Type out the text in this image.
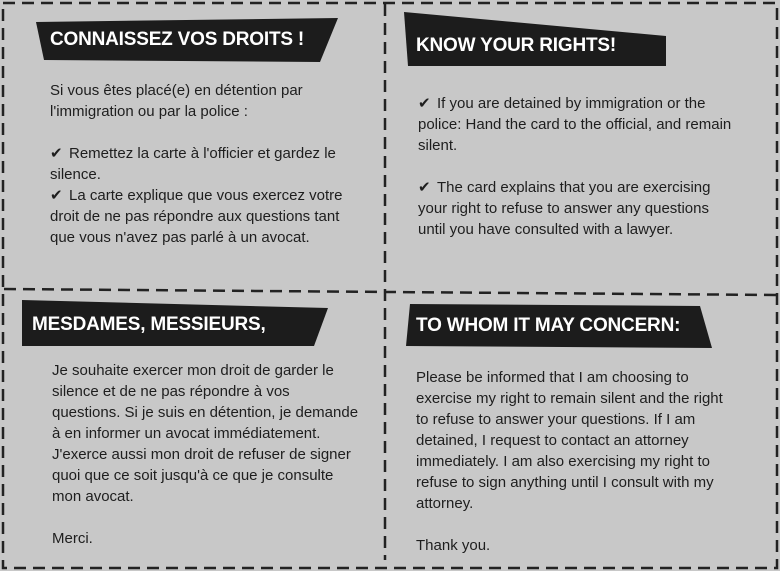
CONNAISSEZ VOS DROITS !

Si vous êtes placé(e) en détention par l'immigration ou par la police :

✔ Remettez la carte à l'officier et gardez le silence.

✔ La carte explique que vous exercez votre droit de ne pas répondre aux questions tant que vous n'avez pas parlé à un avocat.

KNOW YOUR RIGHTS!

✔ If you are detained by immigration or the police: Hand the card to the official, and remain silent.

✔ The card explains that you are exercising your right to refuse to answer any questions until you have consulted with a lawyer.

MESDAMES, MESSIEURS,

Je souhaite exercer mon droit de garder le silence et de ne pas répondre à vos questions. Si je suis en détention, je demande à en informer un avocat immédiatement. J'exerce aussi mon droit de refuser de signer quoi que ce soit jusqu'à ce que je consulte mon avocat.

Merci.

TO WHOM IT MAY CONCERN:

Please be informed that I am choosing to exercise my right to remain silent and the right to refuse to answer your questions. If I am detained, I request to contact an attorney immediately. I am also exercising my right to refuse to sign anything until I consult with my attorney.

Thank you.
